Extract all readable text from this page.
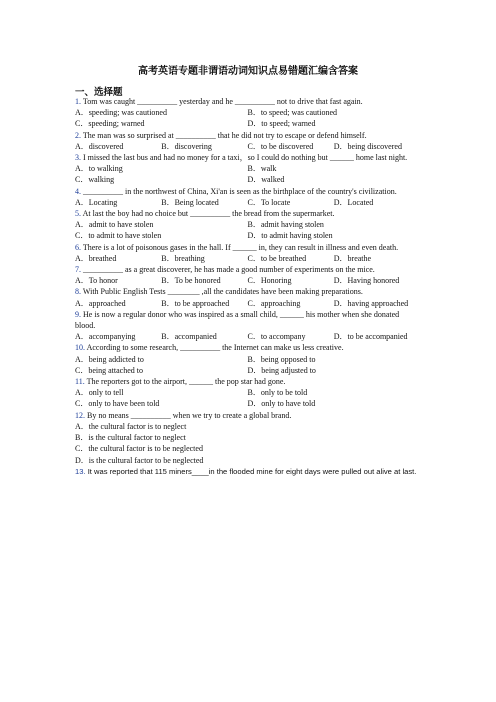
高考英语专题非谓语动词知识点易错题汇编含答案
一、选择题

1. Tom was caught __________ yesterday and he __________ not to drive that fast again.

A．speeding; was cautioned	B．to speed; was cautioned
C．speeding; warned	D．to speed; warned

2. The man was so surprised at __________ that he did not try to escape or defend himself.

A．discovered	B．discovering	C．to be discovered	D．being discovered

3. I missed the last bus and had no money for a taxi，so I could do nothing but ______ home last night.

A．to walking	B．walk
C．walking	D．walked

4. __________ in the northwest of China, Xi'an is seen as the birthplace of the country's civilization.

A．Locating	B．Being located	C．To locate	D．Located

5. At last the boy had no choice but __________ the bread from the supermarket.

A．admit to have stolen	B．admit having stolen
C．to admit to have stolen	D．to admit having stolen

6. There is a lot of poisonous gases in the hall. If ______ in, they can result in illness and even death.

A．breathed	B．breathing	C．to be breathed	D．breathe

7. __________ as a great discoverer, he has made a good number of experiments on the mice.

A．To honor	B．To be honored	C．Honoring	D．Having honored

8. With Public English Tests ________ ,all the candidates have been making preparations.

A．approached	B．to be approached	C．approaching	D．having approached

9. He is now a regular donor who was inspired as a small child, ______ his mother when she donated blood.

A．accompanying	B．accompanied	C．to accompany	D．to be accompanied

10. According to some research, __________ the Internet can make us less creative.

A．being addicted to	B．being opposed to
C．being attached to	D．being adjusted to

11. The reporters got to the airport, ______ the pop star had gone.

A．only to tell	B．only to be told
C．only to have been told	D．only to have told

12. By no means __________ when we try to create a global brand.

A．the cultural factor is to neglect
B．is the cultural factor to neglect
C．the cultural factor is to be neglected
D．is the cultural factor to be neglected

13. It was reported that 115 miners____in the flooded mine for eight days were pulled out alive at last.
